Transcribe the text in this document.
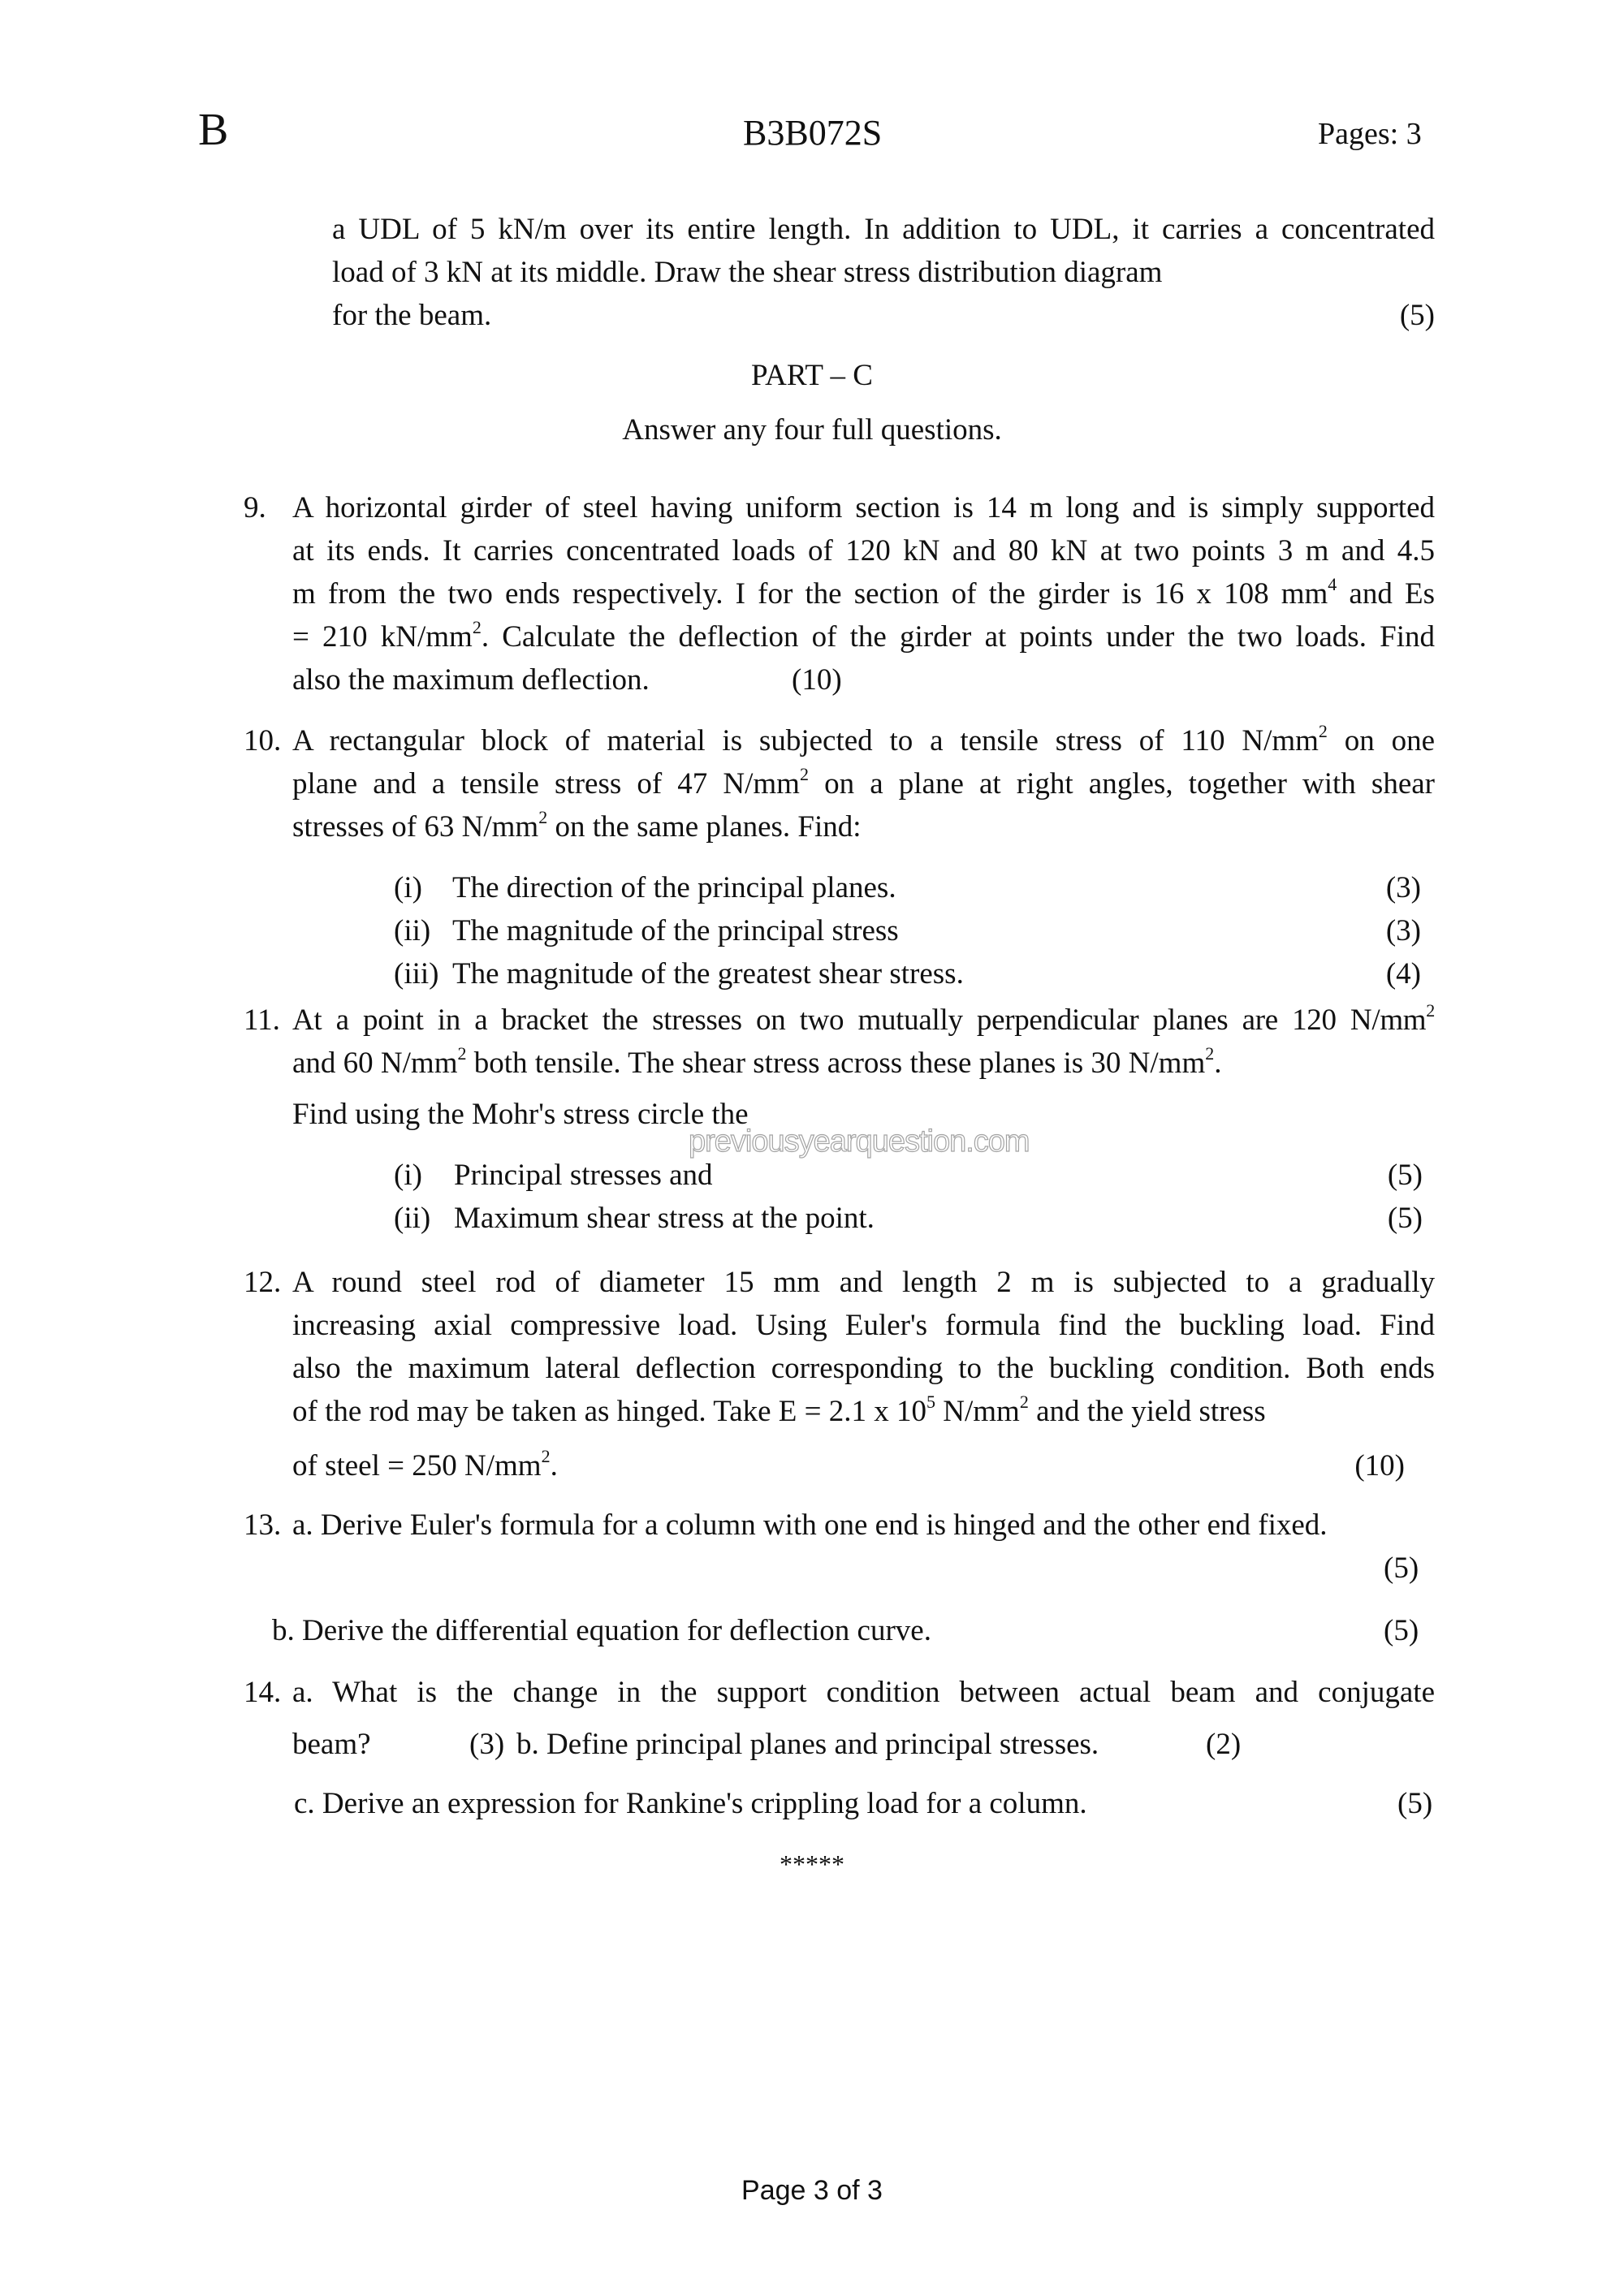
B	B3B072S	Pages: 3
a UDL of 5 kN/m over its entire length. In addition to UDL, it carries a concentrated
load of 3 kN at its middle. Draw the shear stress distribution diagram
for the beam.	(5)
PART – C
Answer any four full questions.
9. A horizontal girder of steel having uniform section is 14 m long and is simply supported
at its ends. It carries concentrated loads of 120 kN and 80 kN at two points 3 m and 4.5
m from the two ends respectively. I for the section of the girder is 16 x 108 $mm^4$ and Es
= 210 $kN/mm^2$. Calculate the deflection of the girder at points under the two loads. Find
also the maximum deflection.	(10)
10. A rectangular block of material is subjected to a tensile stress of 110 $N/mm^2$ on one
plane and a tensile stress of 47 $N/mm^2$ on a plane at right angles, together with shear
stresses of 63 $N/mm^2$ on the same planes. Find:
(i) The direction of the principal planes.	(3)
(ii) The magnitude of the principal stress	(3)
(iii) The magnitude of the greatest shear stress.	(4)
11. At a point in a bracket the stresses on two mutually perpendicular planes are 120 $N/mm^2$
and 60 $N/mm^2$ both tensile. The shear stress across these planes is 30 $N/mm^2$.
Find using the Mohr's stress circle the
(i) Principal stresses and	(5)
(ii) Maximum shear stress at the point.	(5)
previousyearquestion.com
12. A round steel rod of diameter 15 mm and length 2 m is subjected to a gradually
increasing axial compressive load. Using Euler's formula find the buckling load. Find
also the maximum lateral deflection corresponding to the buckling condition. Both ends
of the rod may be taken as hinged. Take E = 2.1 x $10^5$ $N/mm^2$ and the yield stress
of steel = 250 $N/mm^2$.	(10)
13. a. Derive Euler's formula for a column with one end is hinged and the other end fixed.
(5)
b. Derive the differential equation for deflection curve.	(5)
14. a. What is the change in the support condition between actual beam and conjugate
beam?	(3) b. Define principal planes and principal stresses.	(2)
c. Derive an expression for Rankine's crippling load for a column.	(5)
*****
Page 3 of 3
